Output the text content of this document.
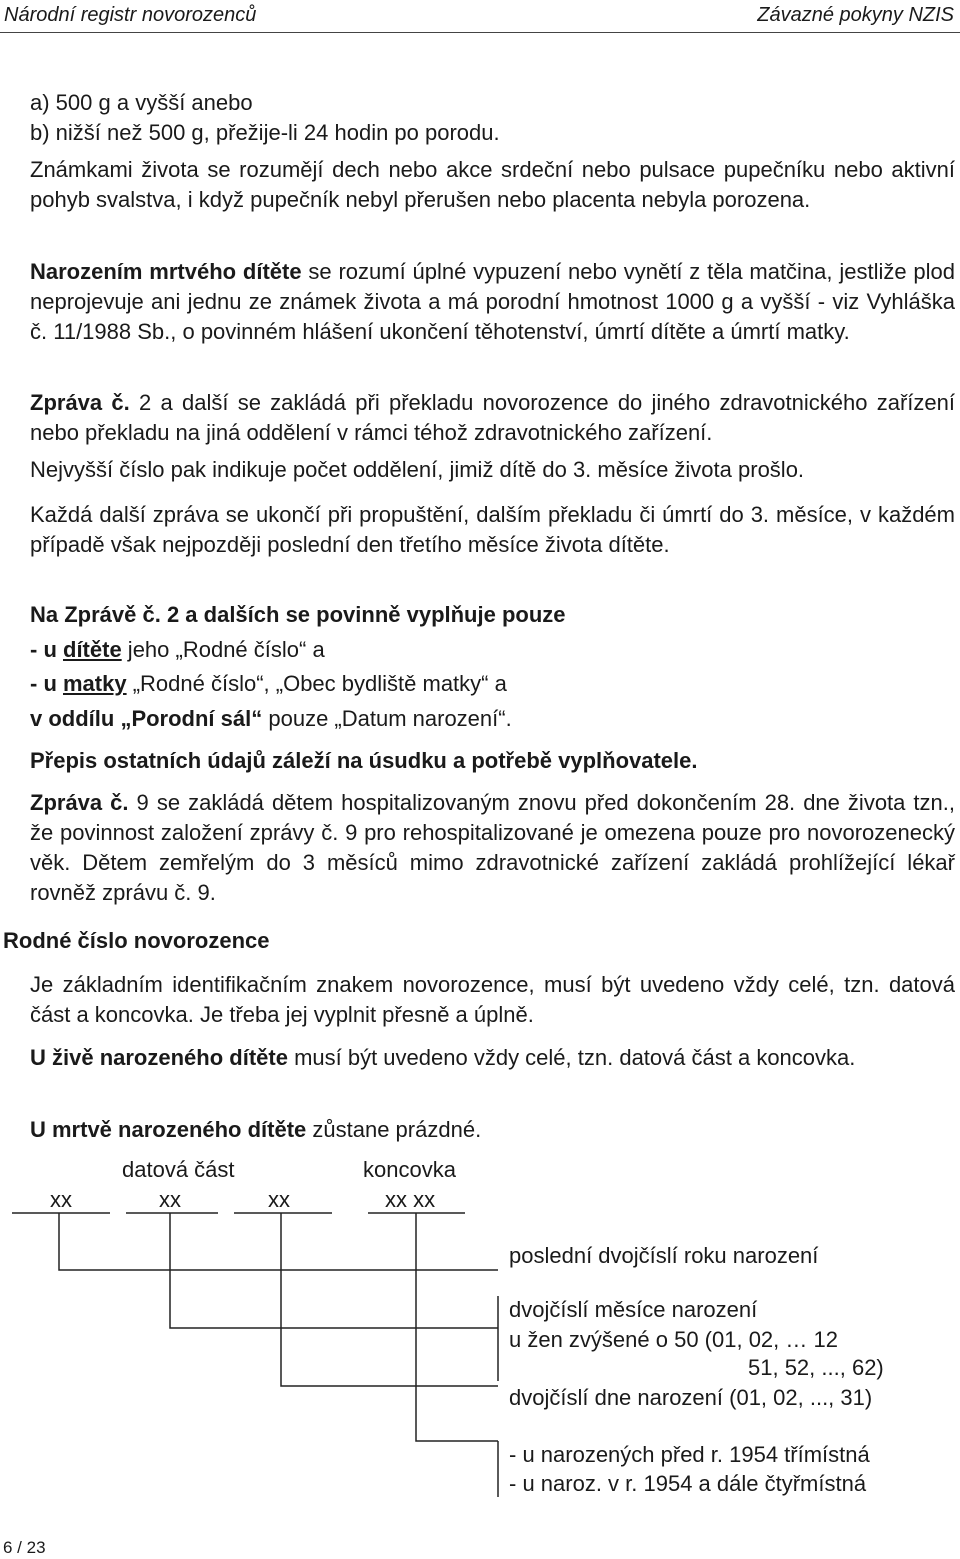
Národní registr novorozenců	Závazné pokyny NZIS
a) 500 g a vyšší anebo
b) nižší než 500 g, přežije-li 24 hodin po porodu.
Známkami života se rozumějí dech nebo akce srdeční nebo pulsace pupečníku nebo aktivní pohyb svalstva, i když pupečník nebyl přerušen nebo placenta nebyla porozena.
Narozením mrtvého dítěte se rozumí úplné vypuzení nebo vynětí z těla matčina, jestliže plod neprojevuje ani jednu ze známek života a má porodní hmotnost 1000 g a vyšší - viz Vyhláška č. 11/1988 Sb., o povinném hlášení ukončení těhotenství, úmrtí dítěte a úmrtí matky.
Zpráva č. 2 a další se zakládá při překladu novorozence do jiného zdravotnického zařízení nebo překladu na jiná oddělení v rámci téhož zdravotnického zařízení.
Nejvyšší číslo pak indikuje počet oddělení, jimiž dítě do 3. měsíce života prošlo.
Každá další zpráva se ukončí při propuštění, dalším překladu či úmrtí do 3. měsíce, v každém případě však nejpozději poslední den třetího měsíce života dítěte.
Na Zprávě č. 2 a dalších se povinně vyplňuje pouze
- u dítěte jeho „Rodné číslo“ a
- u matky „Rodné číslo“, „Obec bydliště matky“ a
v oddílu „Porodní sál“ pouze „Datum narození“.
Přepis ostatních údajů záleží na úsudku a potřebě vyplňovatele.
Zpráva č. 9 se zakládá dětem hospitalizovaným znovu před dokončením 28. dne života tzn., že povinnost založení zprávy č. 9 pro rehospitalizované je omezena pouze pro novorozenecký věk. Dětem zemřelým do 3 měsíců mimo zdravotnické zařízení zakládá prohlížející lékař rovněž zprávu č. 9.
Rodné číslo novorozence
Je základním identifikačním znakem novorozence, musí být uvedeno vždy celé, tzn. datová část a koncovka. Je třeba jej vyplnit přesně a úplně.
U živě narozeného dítěte musí být uvedeno vždy celé, tzn. datová část a koncovka.
U mrtvě narozeného dítěte zůstane prázdné.
datová část	koncovka
xx	xx	xx	xx xx
poslední dvojčíslí roku narození
dvojčíslí měsíce narození
u žen zvýšené o 50 (01, 02, … 12
51, 52, ..., 62)
dvojčíslí dne narození (01, 02, ..., 31)
- u narozených před r. 1954 třímístná
- u naroz. v r. 1954 a dále čtyřmístná
6 / 23
